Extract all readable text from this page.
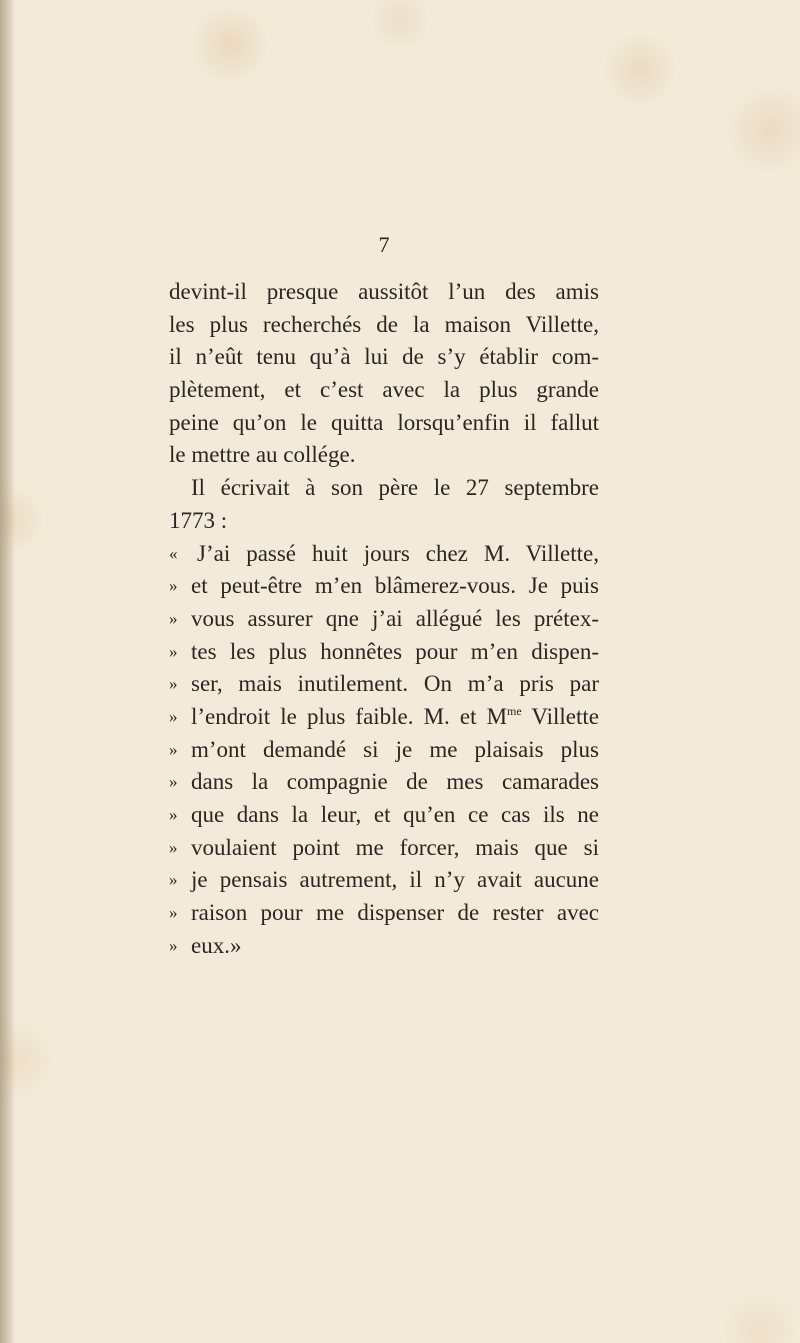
7
devint-il presque aussitôt l’un des amis
les plus recherchés de la maison Villette,
il n’eût tenu qu’à lui de s’y établir com-
plètement, et c’est avec la plus grande
peine qu’on le quitta lorsqu’enfin il fallut
le mettre au collége.
Il écrivait à son père le 27 septembre
1773 :
« J’ai passé huit jours chez M. Villette,
» et peut-être m’en blâmerez-vous. Je puis
» vous assurer qne j’ai allégué les prétex-
» tes les plus honnêtes pour m’en dispen-
» ser, mais inutilement. On m’a pris par
» l’endroit le plus faible. M. et $M^{me}$ Villette
» m’ont demandé si je me plaisais plus
» dans la compagnie de mes camarades
» que dans la leur, et qu’en ce cas ils ne
» voulaient point me forcer, mais que si
» je pensais autrement, il n’y avait aucune
» raison pour me dispenser de rester avec
» eux.»
